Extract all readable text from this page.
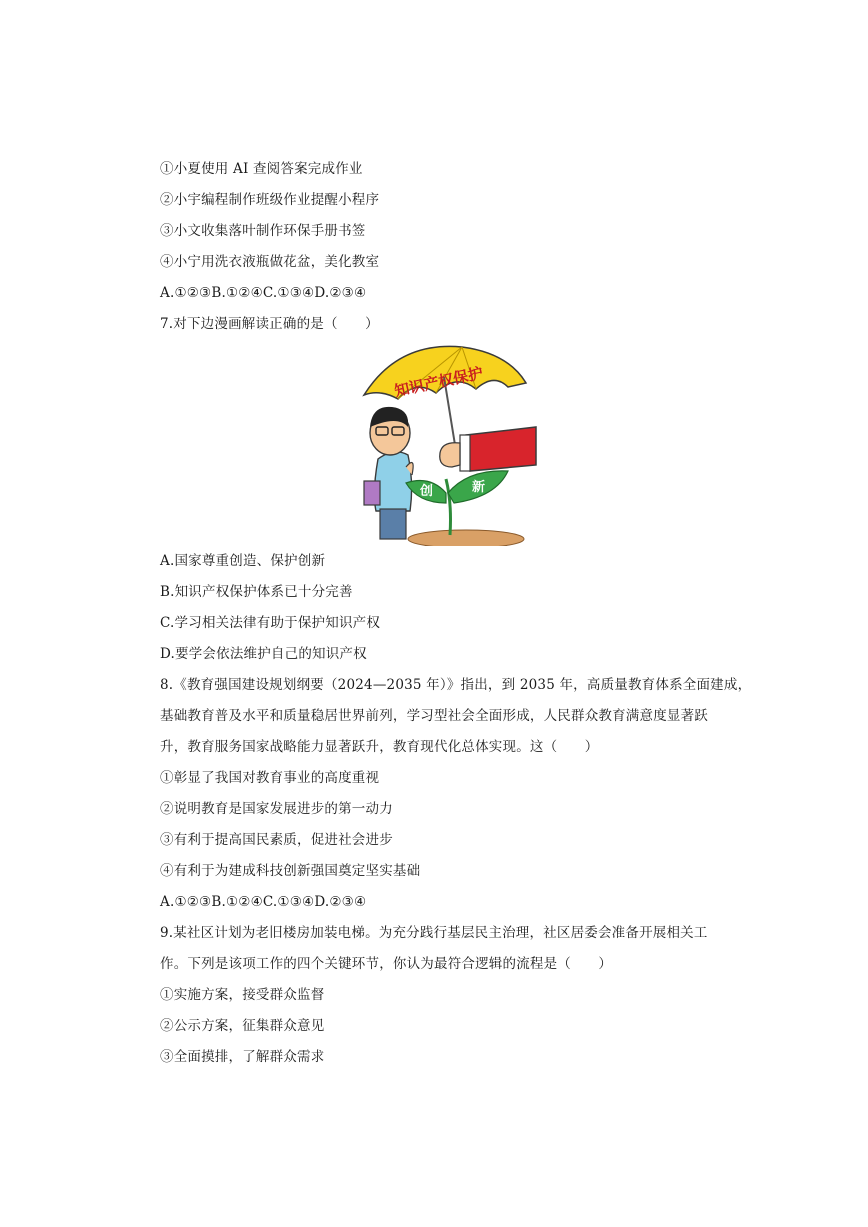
①小夏使用 AI 查阅答案完成作业
②小宇编程制作班级作业提醒小程序
③小文收集落叶制作环保手册书签
④小宁用洗衣液瓶做花盆，美化教室
A.①②③B.①②④C.①③④D.②③④
7.对下边漫画解读正确的是（　　）
知识产权保护
创	新
A.国家尊重创造、保护创新
B.知识产权保护体系已十分完善
C.学习相关法律有助于保护知识产权
D.要学会依法维护自己的知识产权
8.《教育强国建设规划纲要（2024—2035 年）》指出，到 2035 年，高质量教育体系全面建成，
基础教育普及水平和质量稳居世界前列，学习型社会全面形成，人民群众教育满意度显著跃
升，教育服务国家战略能力显著跃升，教育现代化总体实现。这（　　）
①彰显了我国对教育事业的高度重视
②说明教育是国家发展进步的第一动力
③有利于提高国民素质，促进社会进步
④有利于为建成科技创新强国奠定坚实基础
A.①②③B.①②④C.①③④D.②③④
9.某社区计划为老旧楼房加装电梯。为充分践行基层民主治理，社区居委会准备开展相关工
作。下列是该项工作的四个关键环节，你认为最符合逻辑的流程是（　　）
①实施方案，接受群众监督
②公示方案，征集群众意见
③全面摸排，了解群众需求
